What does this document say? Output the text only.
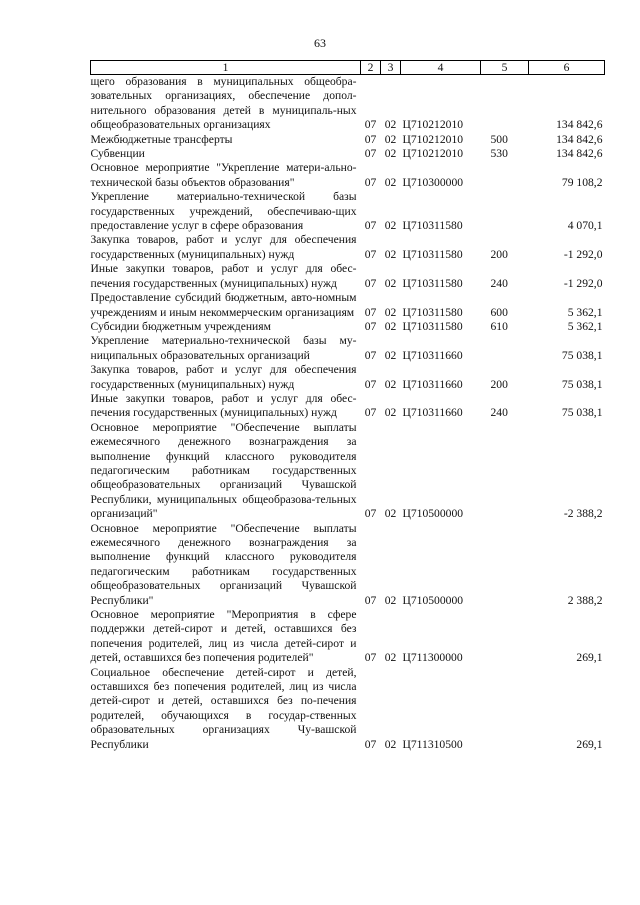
63
1	2	3	4	5	6
щего образования в муниципальных общеобра-зовательных организациях, обеспечение допол-нительного образования детей в муниципаль-ных общеобразовательных организациях	07	02	Ц710212010		134 842,6
Межбюджетные трансферты	07	02	Ц710212010	500	134 842,6
Субвенции	07	02	Ц710212010	530	134 842,6
Основное мероприятие "Укрепление матери-ально-технической базы объектов образования"	07	02	Ц710300000		79 108,2
Укрепление материально-технической базы государственных учреждений, обеспечиваю-щих предоставление услуг в сфере образования	07	02	Ц710311580		4 070,1
Закупка товаров, работ и услуг для обеспечения государственных (муниципальных) нужд	07	02	Ц710311580	200	-1 292,0
Иные закупки товаров, работ и услуг для обес-печения государственных (муниципальных) нужд	07	02	Ц710311580	240	-1 292,0
Предоставление субсидий бюджетным, авто-номным учреждениям и иным некоммерческим организациям	07	02	Ц710311580	600	5 362,1
Субсидии бюджетным учреждениям	07	02	Ц710311580	610	5 362,1
Укрепление материально-технической базы му-ниципальных образовательных организаций	07	02	Ц710311660		75 038,1
Закупка товаров, работ и услуг для обеспечения государственных (муниципальных) нужд	07	02	Ц710311660	200	75 038,1
Иные закупки товаров, работ и услуг для обес-печения государственных (муниципальных) нужд	07	02	Ц710311660	240	75 038,1
Основное мероприятие "Обеспечение выплаты ежемесячного денежного вознаграждения за выполнение функций классного руководителя педагогическим работникам государственных общеобразовательных организаций Чувашской Республики, муниципальных общеобразова-тельных организаций"	07	02	Ц710500000		-2 388,2
Основное мероприятие "Обеспечение выплаты ежемесячного денежного вознаграждения за выполнение функций классного руководителя педагогическим работникам государственных общеобразовательных организаций Чувашской Республики"	07	02	Ц710500000		2 388,2
Основное мероприятие "Мероприятия в сфере поддержки детей-сирот и детей, оставшихся без попечения родителей, лиц из числа детей-сирот и детей, оставшихся без попечения родителей"	07	02	Ц711300000		269,1
Социальное обеспечение детей-сирот и детей, оставшихся без попечения родителей, лиц из числа детей-сирот и детей, оставшихся без по-печения родителей, обучающихся в государ-ственных образовательных организациях Чу-вашской Республики	07	02	Ц711310500		269,1
